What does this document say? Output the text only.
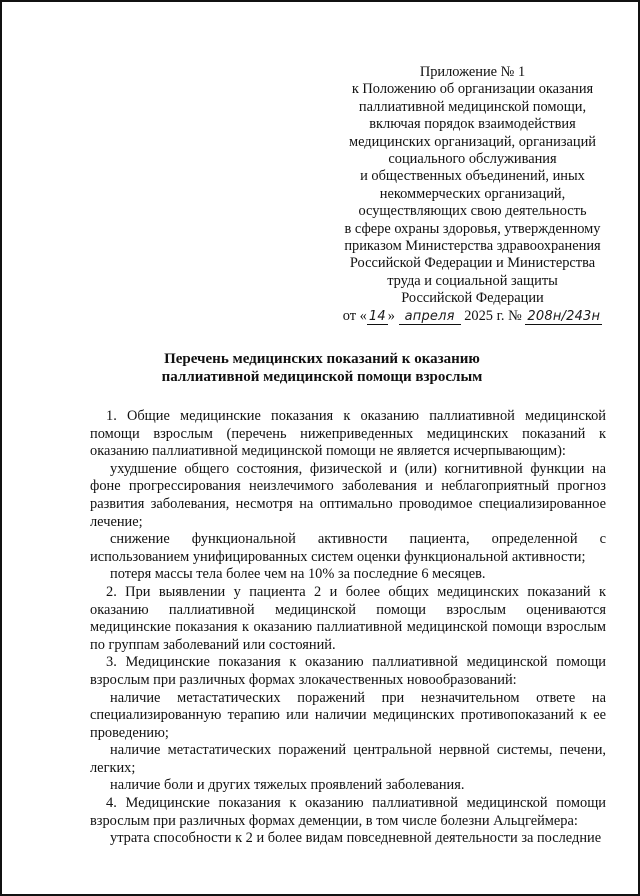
Приложение № 1
к Положению об организации оказания
паллиативной медицинской помощи,
включая порядок взаимодействия
медицинских организаций, организаций
социального обслуживания
и общественных объединений, иных
некоммерческих организаций,
осуществляющих свою деятельность
в сфере охраны здоровья, утвержденному
приказом Министерства здравоохранения
Российской Федерации и Министерства
труда и социальной защиты
Российской Федерации
от « 14 » апреля 2025 г. № 208н/243н
Перечень медицинских показаний к оказанию
паллиативной медицинской помощи взрослым

1. Общие медицинские показания к оказанию паллиативной медицинской помощи взрослым (перечень нижеприведенных медицинских показаний к оказанию паллиативной медицинской помощи не является исчерпывающим):

ухудшение общего состояния, физической и (или) когнитивной функции на фоне прогрессирования неизлечимого заболевания и неблагоприятный прогноз развития заболевания, несмотря на оптимально проводимое специализированное лечение;

снижение функциональной активности пациента, определенной с использованием унифицированных систем оценки функциональной активности;

потеря массы тела более чем на 10% за последние 6 месяцев.

2. При выявлении у пациента 2 и более общих медицинских показаний к оказанию паллиативной медицинской помощи взрослым оцениваются медицинские показания к оказанию паллиативной медицинской помощи взрослым по группам заболеваний или состояний.

3. Медицинские показания к оказанию паллиативной медицинской помощи взрослым при различных формах злокачественных новообразований:

наличие метастатических поражений при незначительном ответе на специализированную терапию или наличии медицинских противопоказаний к ее проведению;

наличие метастатических поражений центральной нервной системы, печени, легких;

наличие боли и других тяжелых проявлений заболевания.

4. Медицинские показания к оказанию паллиативной медицинской помощи взрослым при различных формах деменции, в том числе болезни Альцгеймера:

утрата способности к 2 и более видам повседневной деятельности за последние
